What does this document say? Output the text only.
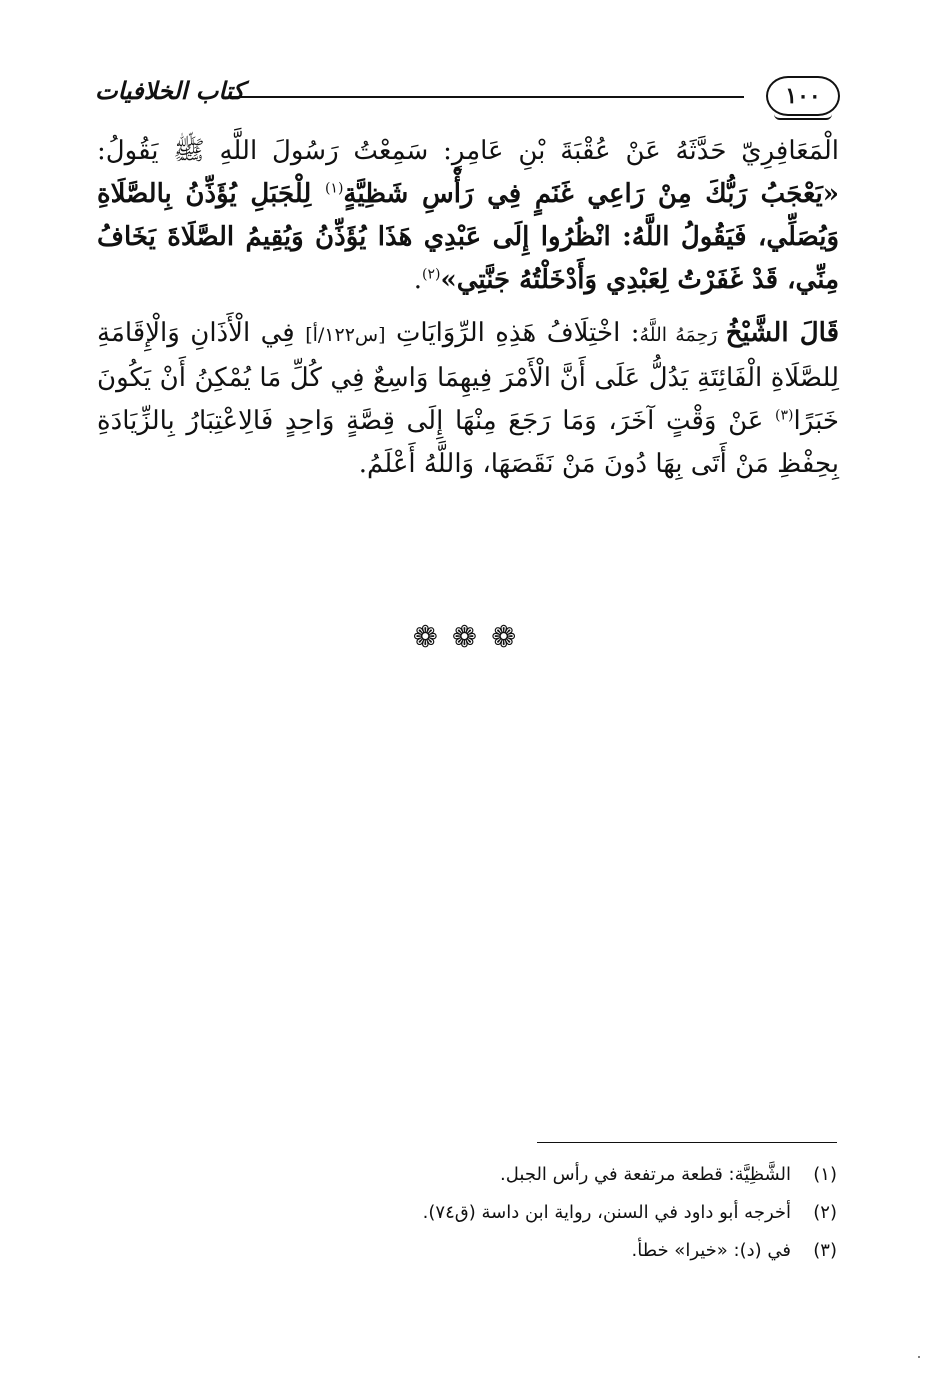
١٠٠
كتاب الخلافيات

الْمَعَافِرِيّ حَدَّثَهُ عَنْ عُقْبَةَ بْنِ عَامِرٍ: سَمِعْتُ رَسُولَ اللَّهِ ﷺ يَقُولُ: «يَعْجَبُ رَبُّكَ مِنْ رَاعِي غَنَمٍ فِي رَأْسِ شَظِيَّةٍ$^{(١)}$ لِلْجَبَلِ يُؤَذِّنُ بِالصَّلَاةِ وَيُصَلِّي، فَيَقُولُ اللَّهُ: انْظُرُوا إِلَى عَبْدِي هَذَا يُؤَذِّنُ وَيُقِيمُ الصَّلَاةَ يَخَافُ مِنِّي، قَدْ غَفَرْتُ لِعَبْدِي وَأَدْخَلْتُهُ جَنَّتِي»$^{(٢)}$.

قَالَ الشَّيْخُ رَحِمَهُ اللَّهُ: اخْتِلَافُ هَذِهِ الرِّوَايَاتِ [س١٢٢/أ] فِي الْأَذَانِ وَالْإِقَامَةِ لِلصَّلَاةِ الْفَائِتَةِ يَدُلُّ عَلَى أَنَّ الْأَمْرَ فِيهِمَا وَاسِعٌ فِي كُلِّ مَا يُمْكِنُ أَنْ يَكُونَ خَبَرًا$^{(٣)}$ عَنْ وَقْتٍ آخَرَ، وَمَا رَجَعَ مِنْهَا إِلَى قِصَّةٍ وَاحِدٍ فَالِاعْتِبَارُ بِالزِّيَادَةِ بِحِفْظِ مَنْ أَتَى بِهَا دُونَ مَنْ نَقَصَهَا، وَاللَّهُ أَعْلَمُ.

❁❁❁
(١)
الشَّظِيَّة: قطعة مرتفعة في رأس الجبل.
(٢)
أخرجه أبو داود في السنن، رواية ابن داسة (ق٧٤).
(٣)
في (د): «خيرا» خطأ.
